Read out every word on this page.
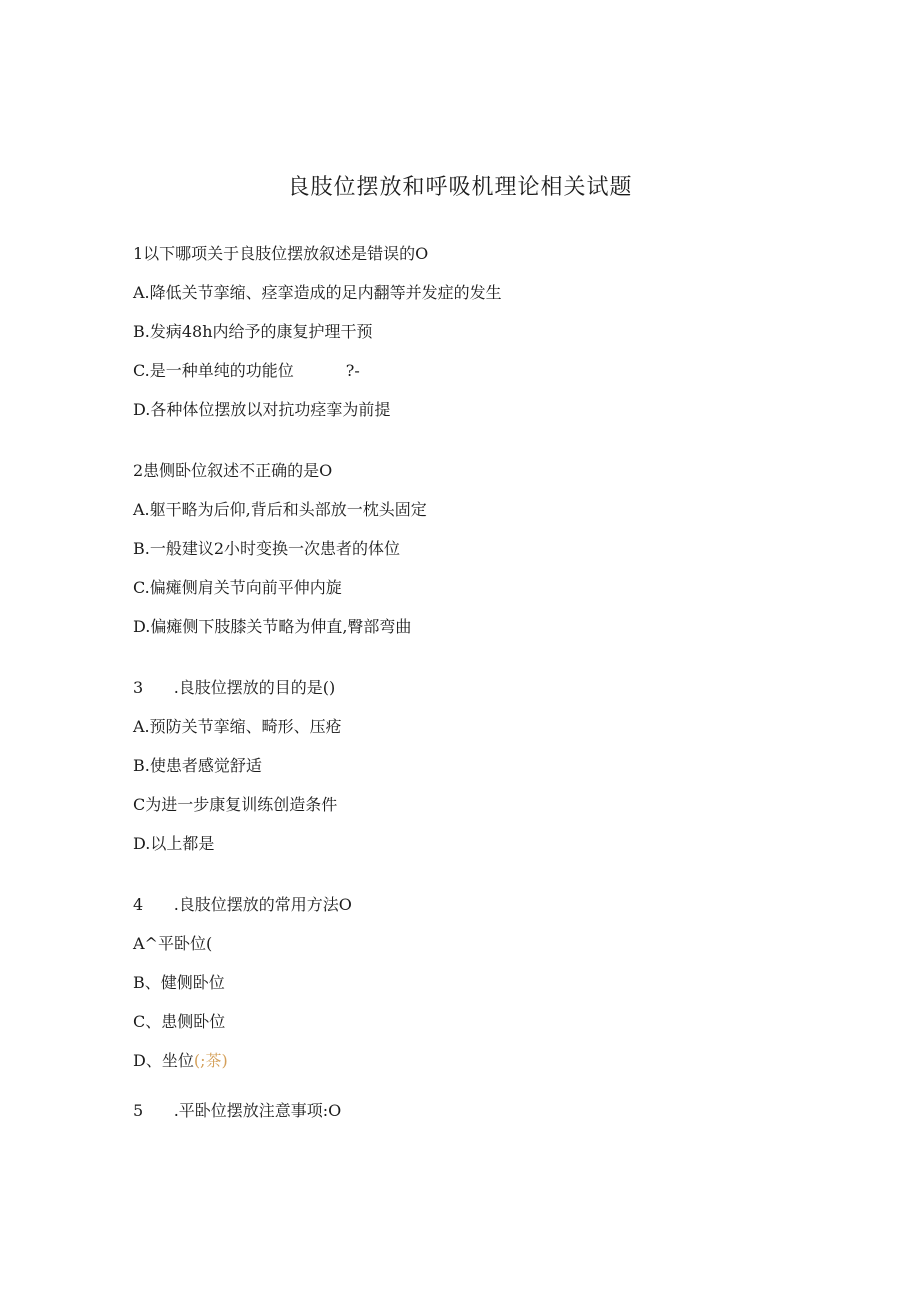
良肢位摆放和呼吸机理论相关试题
1以下哪项关于良肢位摆放叙述是错误的O
A.降低关节挛缩、痉挛造成的足内翻等并发症的发生
B.发病48h内给予的康复护理干预
C.是一种单纯的功能位	?-
D.各种体位摆放以对抗功痉挛为前提
2患侧卧位叙述不正确的是O
A.躯干略为后仰,背后和头部放一枕头固定
B.一般建议2小时变换一次患者的体位
C.偏瘫侧肩关节向前平伸内旋
D.偏瘫侧下肢膝关节略为伸直,臀部弯曲
3	.良肢位摆放的目的是()
A.预防关节挛缩、畸形、压疮
B.使患者感觉舒适
C为进一步康复训练创造条件
D.以上都是
4	.良肢位摆放的常用方法O
A^平卧位(
B、健侧卧位
C、患侧卧位
D、坐位(;茶)
5	.平卧位摆放注意事项:O
